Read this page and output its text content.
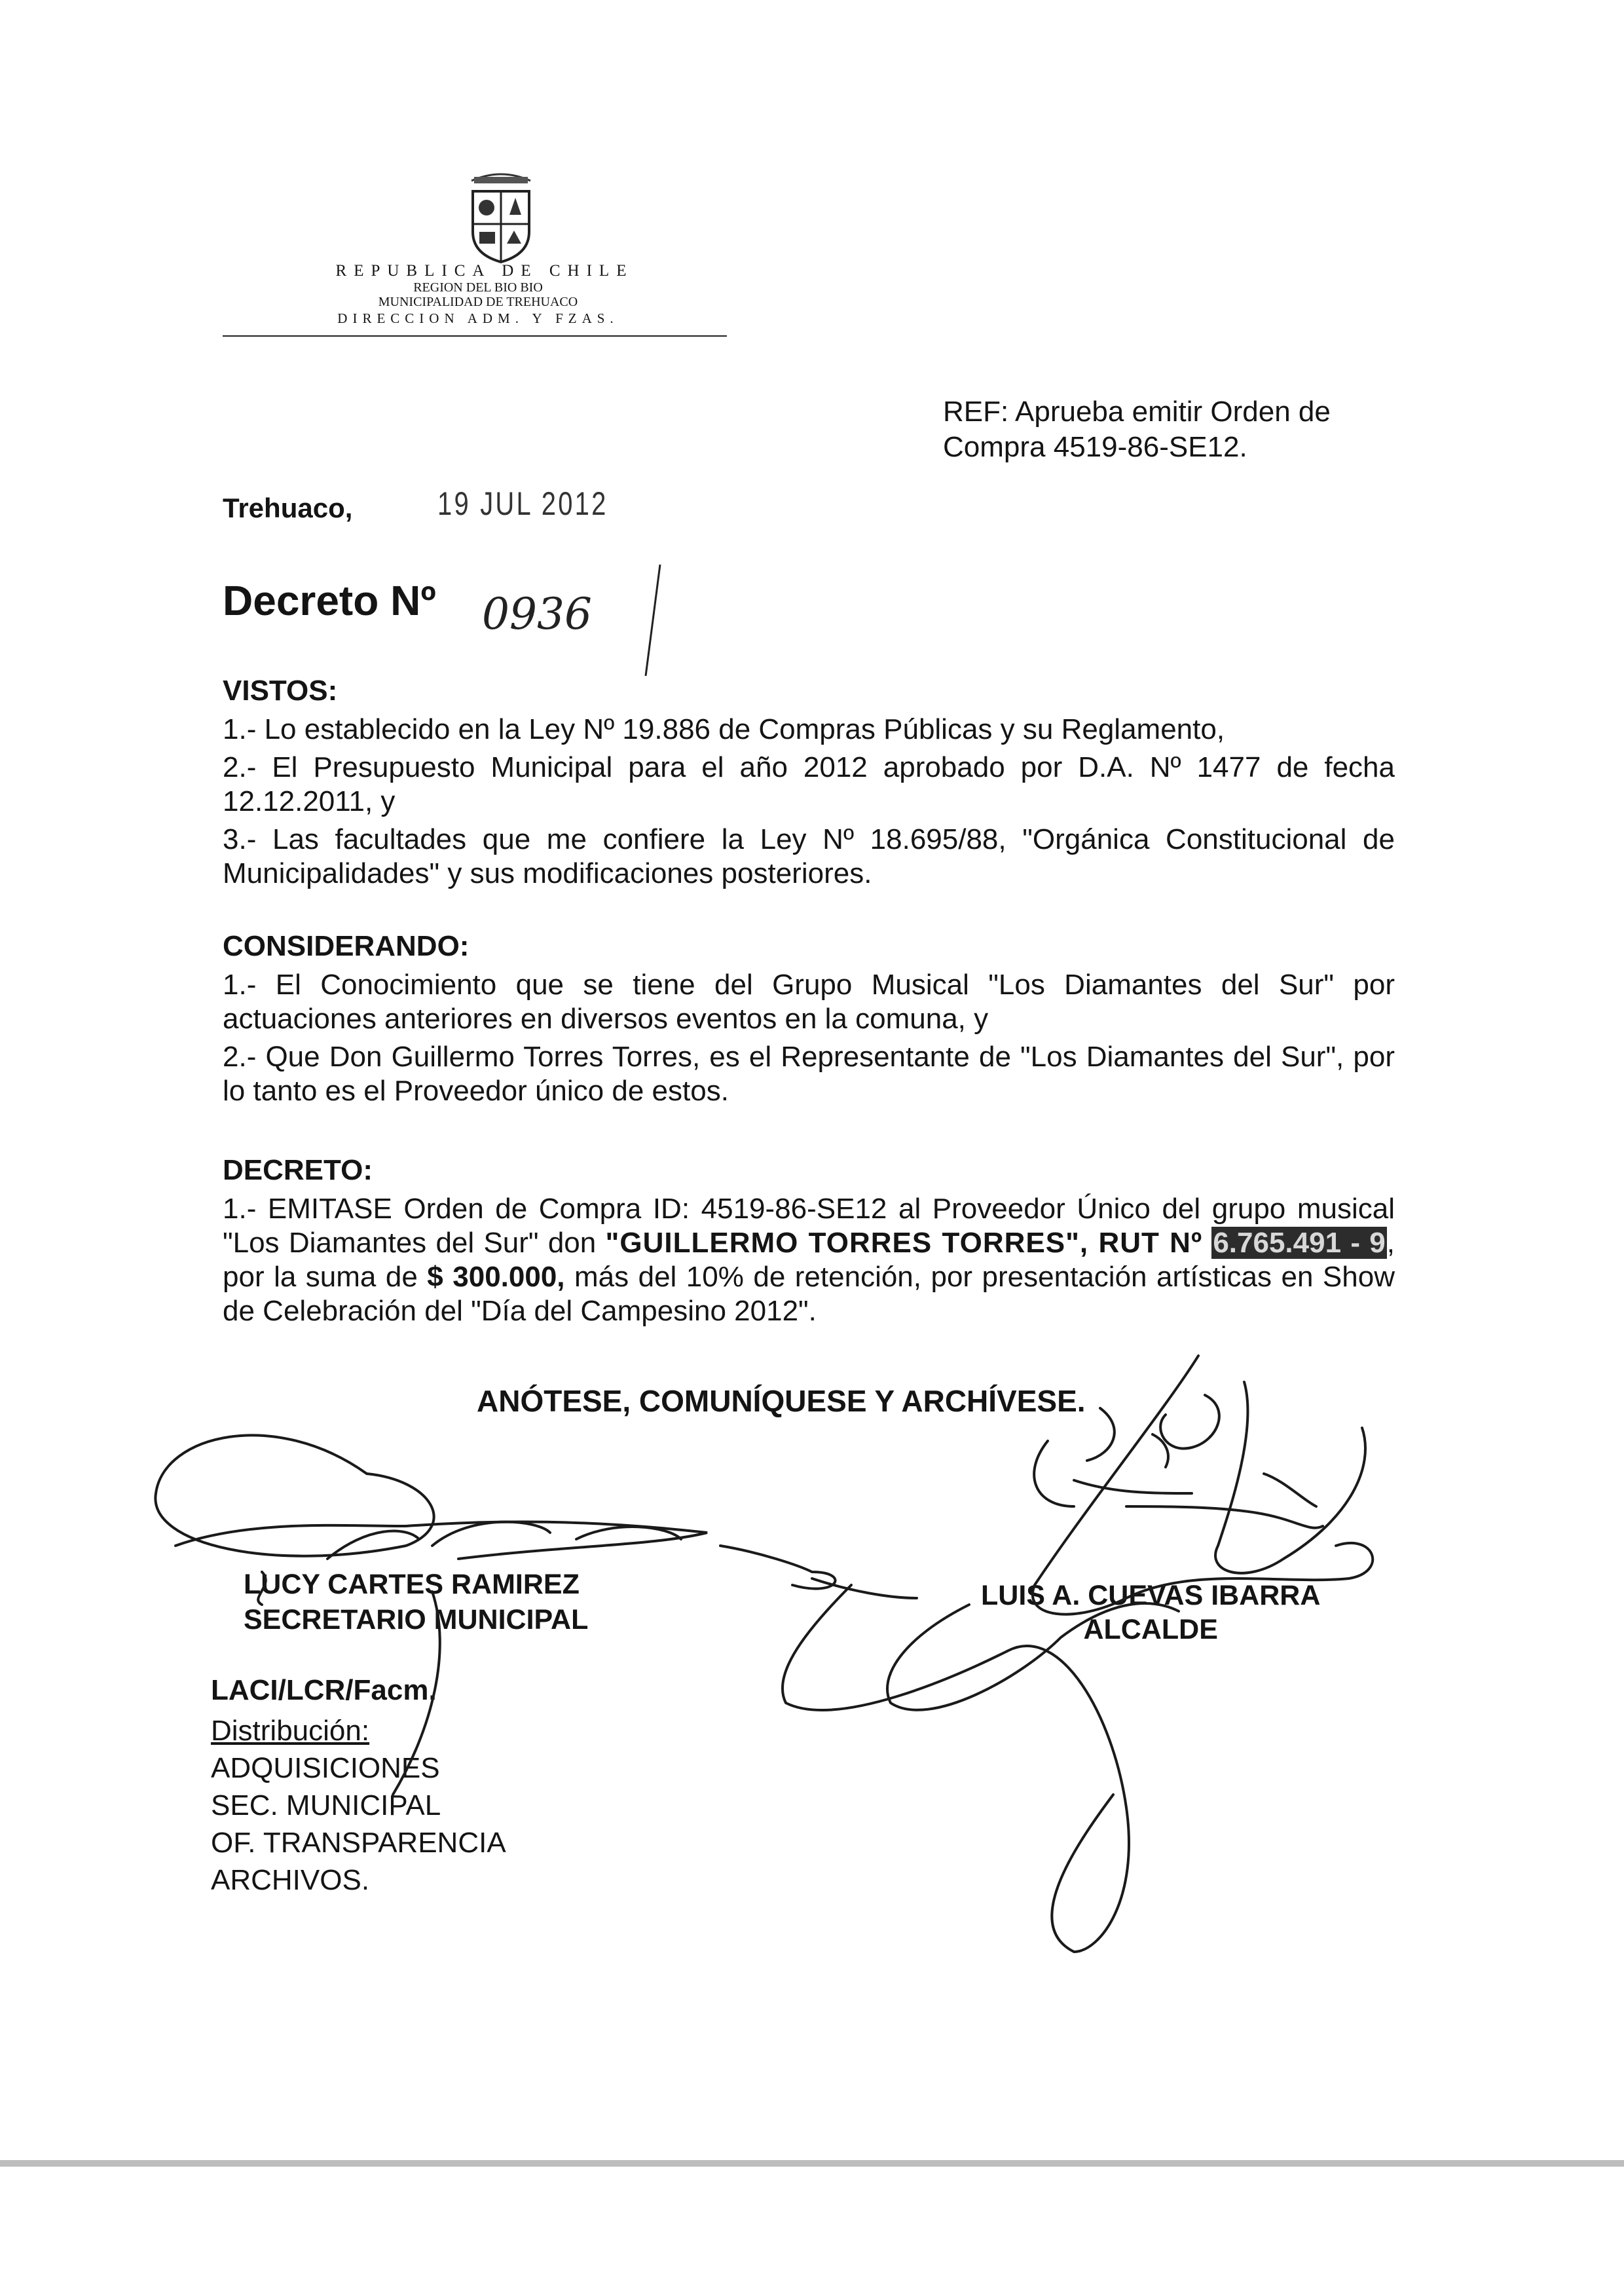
REPUBLICA DE CHILE
REGION DEL BIO BIO
MUNICIPALIDAD DE TREHUACO
DIRECCION ADM. Y FZAS.
REF: Aprueba emitir Orden de Compra 4519-86-SE12.
Trehuaco,	19 JUL 2012
Decreto Nº 0936
VISTOS:

1.- Lo establecido en la Ley Nº 19.886 de Compras Públicas y su Reglamento,

2.- El Presupuesto Municipal para el año 2012 aprobado por D.A. Nº 1477 de fecha 12.12.2011, y

3.- Las facultades que me confiere la Ley Nº 18.695/88, "Orgánica Constitucional de Municipalidades" y sus modificaciones posteriores.

CONSIDERANDO:

1.- El Conocimiento que se tiene del Grupo Musical "Los Diamantes del Sur" por actuaciones anteriores en diversos eventos en la comuna, y

2.- Que Don Guillermo Torres Torres, es el Representante de "Los Diamantes del Sur", por lo tanto es el Proveedor único de estos.

DECRETO:

1.- EMITASE Orden de Compra ID: 4519-86-SE12 al Proveedor Único del grupo musical "Los Diamantes del Sur" don "GUILLERMO TORRES TORRES", RUT Nº 6.765.491 - 9, por la suma de $ 300.000, más del 10% de retención, por presentación artísticas en Show de Celebración del "Día del Campesino 2012".

ANÓTESE, COMUNÍQUESE Y ARCHÍVESE.
LUCY CARTES RAMIREZ
SECRETARIO MUNICIPAL
LUIS A. CUEVAS IBARRA
ALCALDE
LACI/LCR/Facm.
Distribución:
ADQUISICIONES
SEC. MUNICIPAL
OF. TRANSPARENCIA
ARCHIVOS.
